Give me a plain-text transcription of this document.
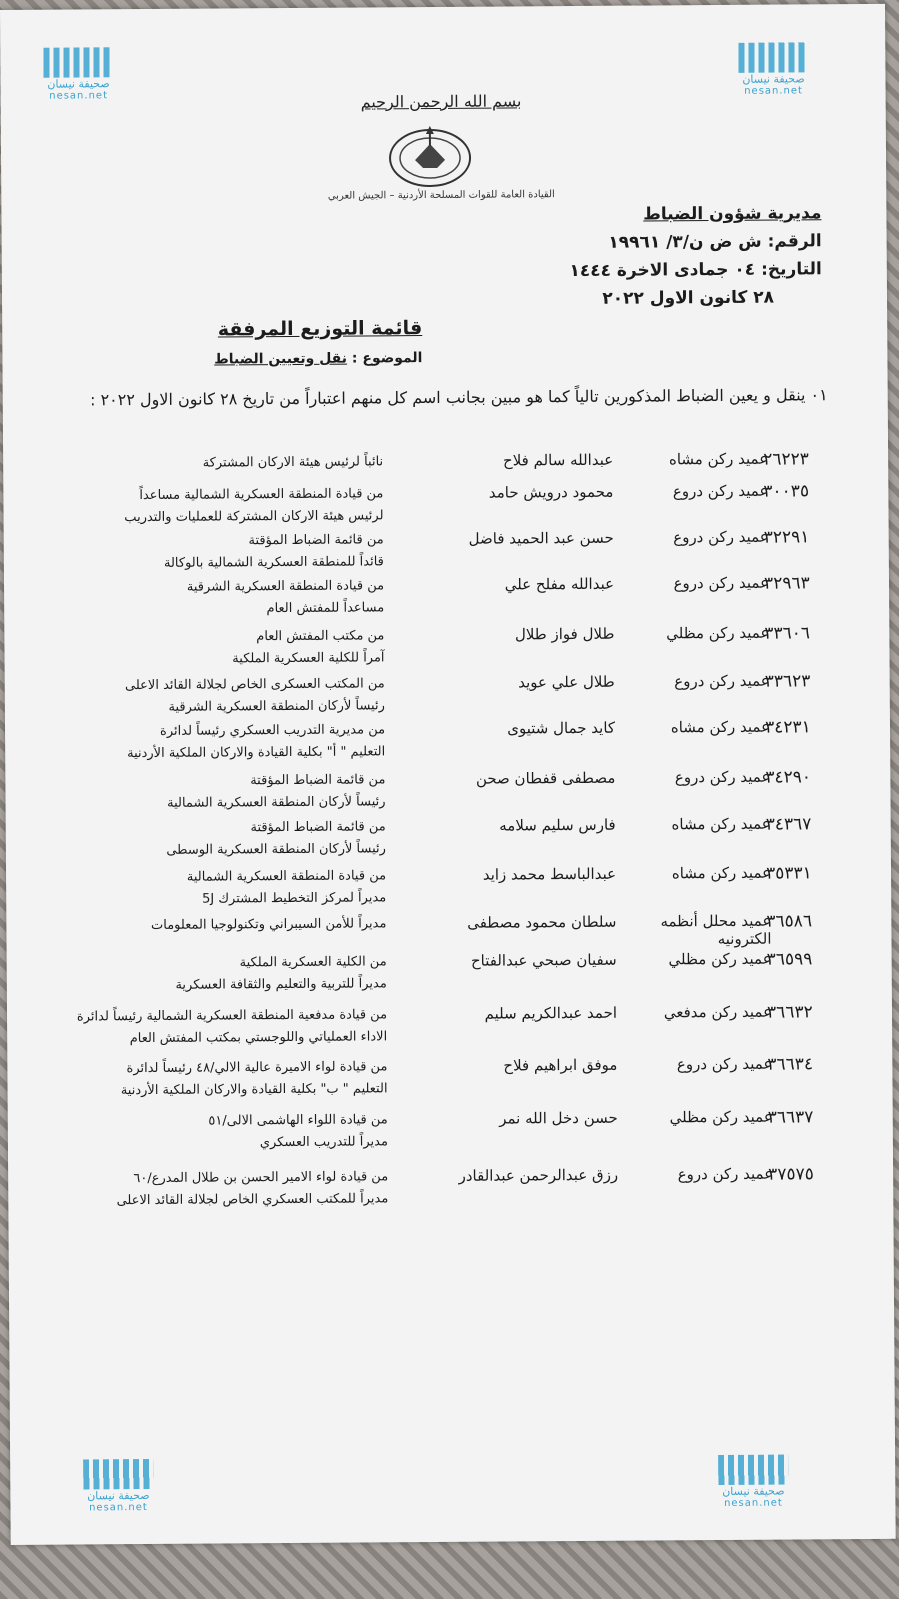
صحيفة نيسان
nesan.net
صحيفة نيسان
nesan.net
صحيفة نيسان
nesan.net
صحيفة نيسان
nesan.net
بسم الله الرحمن الرحيم
القيادة العامة للقوات المسلحة الأردنية – الجيش العربي
مديرية شؤون الضباط
الرقم: ش ض ن/٣/ ١٩٩٦١
التاريخ: ٠٤ جمادى الاخرة ١٤٤٤
٢٨ كانون الاول ٢٠٢٢
قائمة التوزيع المرفقة
الموضوع : نقل وتعيين الضباط
٠١ ينقل و يعين الضباط المذكورين تالياً كما هو مبين بجانب اسم كل منهم اعتباراً من تاريخ ٢٨ كانون الاول ٢٠٢٢ :
٢٦٢٢٣
عميد ركن مشاه
عبدالله سالم فلاح
نائباً لرئيس هيئة الاركان المشتركة
٣٠٠٣٥
عميد ركن دروع
محمود درويش حامد
من قيادة المنطقة العسكرية الشمالية مساعداً
لرئيس هيئة الاركان المشتركة للعمليات والتدريب
٣٢٢٩١
عميد ركن دروع
حسن عبد الحميد فاضل
من قائمة الضباط المؤقتة
قائداً للمنطقة العسكرية الشمالية بالوكالة
٣٢٩٦٣
عميد ركن دروع
عبدالله مفلح علي
من قيادة المنطقة العسكرية الشرقية
مساعداً للمفتش العام
٣٣٦٠٦
عميد ركن مظلي
طلال فواز طلال
من مكتب المفتش العام
آمراً للكلية العسكرية الملكية
٣٣٦٢٣
عميد ركن دروع
طلال علي عويد
من المكتب العسكرى الخاص لجلالة القائد الاعلى
رئيساً لأركان المنطقة العسكرية الشرقية
٣٤٢٣١
عميد ركن مشاه
كايد جمال شتيوى
من مديرية التدريب العسكري رئيساً لدائرة
التعليم " أ" بكلية القيادة والاركان الملكية الأردنية
٣٤٢٩٠
عميد ركن دروع
مصطفى قفطان صحن
من قائمة الضباط المؤقتة
رئيساً لأركان المنطقة العسكرية الشمالية
٣٤٣٦٧
عميد ركن مشاه
فارس سليم سلامه
من قائمة الضباط المؤقتة
رئيساً لأركان المنطقة العسكرية الوسطى
٣٥٣٣١
عميد ركن مشاه
عبدالباسط محمد زايد
من قيادة المنطقة العسكرية الشمالية
مديراً لمركز التخطيط المشترك 5J
٣٦٥٨٦
عميد محلل أنظمه الكترونيه
سلطان محمود مصطفى
مديراً للأمن السيبراني وتكنولوجيا المعلومات
٣٦٥٩٩
عميد ركن مظلي
سفيان صبحي عبدالفتاح
من الكلية العسكرية الملكية
مديراً للتربية والتعليم والثقافة العسكرية
٣٦٦٣٢
عميد ركن مدفعي
احمد عبدالكريم سليم
من قيادة مدفعية المنطقة العسكرية الشمالية رئيساً لدائرة
الاداء العملياتي واللوجستي بمكتب المفتش العام
٣٦٦٣٤
عميد ركن دروع
موفق ابراهيم فلاح
من قيادة لواء الاميرة عالية الالي/٤٨ رئيساً لدائرة
التعليم " ب" بكلية القيادة والاركان الملكية الأردنية
٣٦٦٣٧
عميد ركن مظلي
حسن دخل الله نمر
من قيادة اللواء الهاشمى الالى/٥١
مديراً للتدريب العسكري
٣٧٥٧٥
عميد ركن دروع
رزق عبدالرحمن عبدالقادر
من قيادة لواء الامير الحسن بن طلال المدرع/٦٠
مديراً للمكتب العسكري الخاص لجلالة القائد الاعلى
